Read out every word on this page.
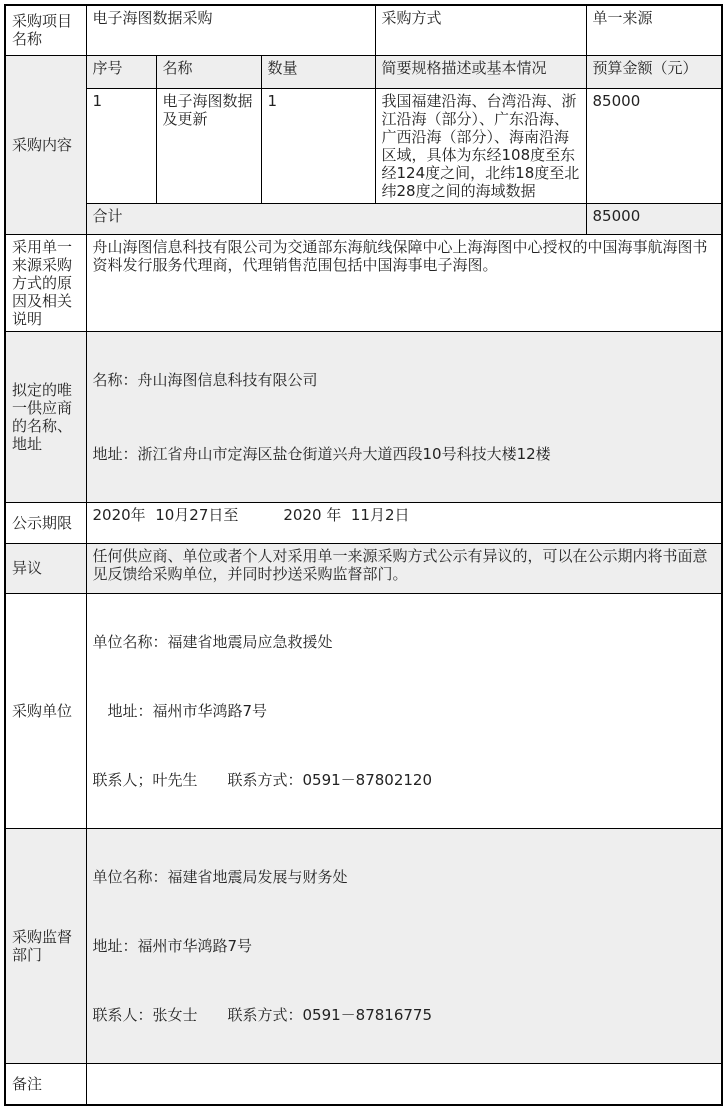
采购项目名称	电子海图数据采购			采购方式	单一来源
采购内容	序号	名称	数量	简要规格描述或基本情况	预算金额（元）
	1	电子海图数据及更新	1	我国福建沿海、台湾沿海、浙江沿海（部分）、广东沿海、广西沿海（部分）、海南沿海区域，具体为东经108度至东经124度之间，北纬18度至北纬28度之间的海域数据	85000
	合计				85000
采用单一来源采购方式的原因及相关说明	舟山海图信息科技有限公司为交通部东海航线保障中心上海海图中心授权的中国海事航海图书资料发行服务代理商，代理销售范围包括中国海事电子海图。				
拟定的唯一供应商的名称、地址	名称：舟山海图信息科技有限公司

地址：浙江省舟山市定海区盐仓街道兴舟大道西段10号科技大楼12楼				

公示期限	2020年  10月27日至　　　2020 年  11月2日				
异议	任何供应商、单位或者个人对采用单一来源采购方式公示有异议的，可以在公示期内将书面意见反馈给采购单位，并同时抄送采购监督部门。				
采购单位	单位名称：福建省地震局应急救援处

　地址：福州市华鸿路7号

联系人；叶先生　　联系方式：0591－87802120				

采购监督部门	单位名称：福建省地震局发展与财务处

地址：福州市华鸿路7号

联系人：张女士　　联系方式：0591－87816775				

备注					
